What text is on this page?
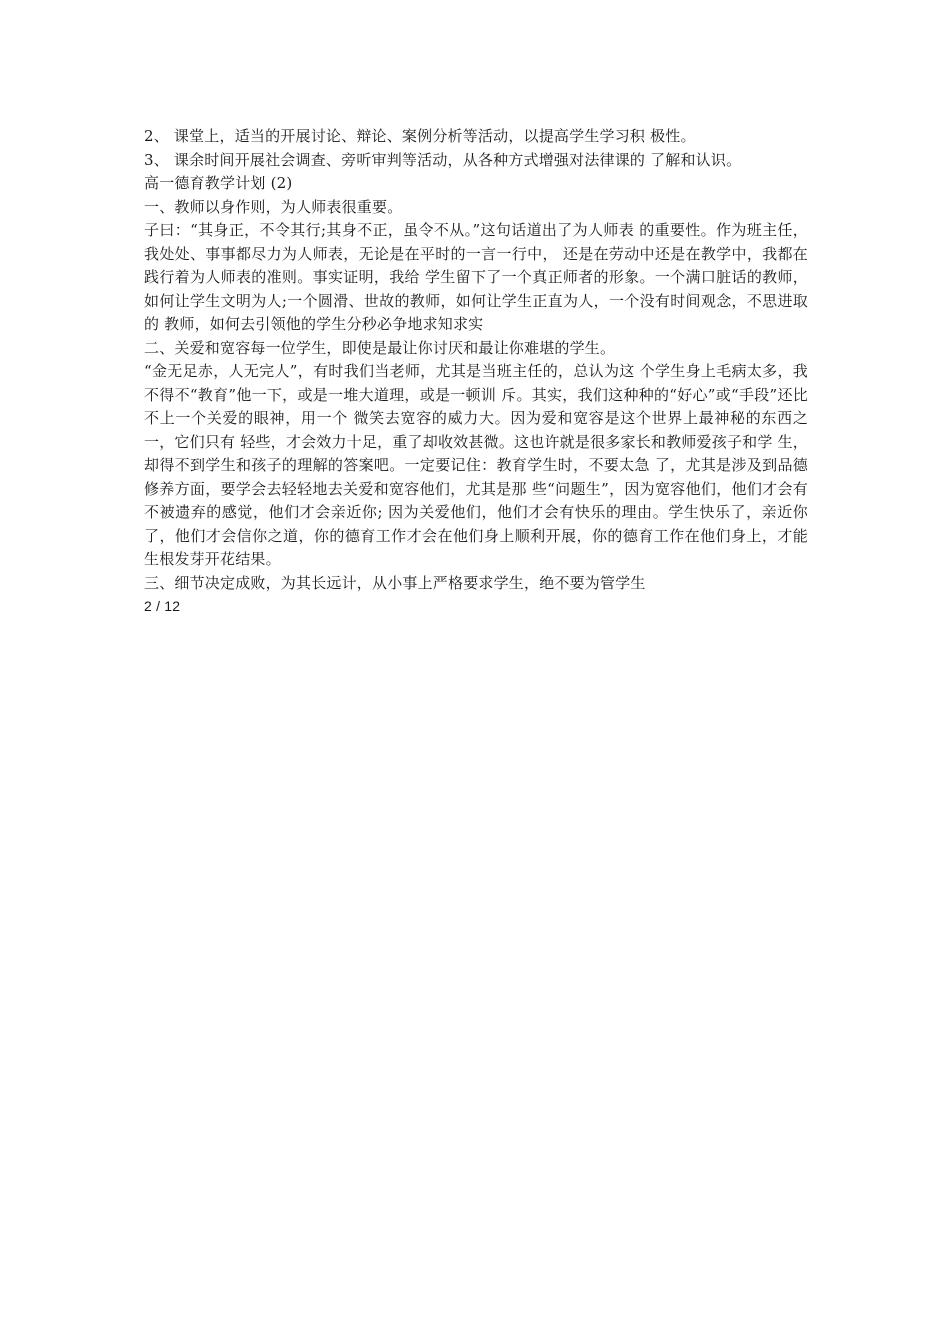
2、 课堂上，适当的开展讨论、辩论、案例分析等活动，以提高学生学习积 极性。

3、 课余时间开展社会调查、旁听审判等活动，从各种方式增强对法律课的 了解和认识。

高一德育教学计划 (2)

一、教师以身作则，为人师表很重要。

子曰：“其身正，不令其行;其身不正，虽令不从。”这句话道出了为人师表 的重要性。作为班主任，我处处、事事都尽力为人师表，无论是在平时的一言一行中， 还是在劳动中还是在教学中，我都在践行着为人师表的准则。事实证明，我给 学生留下了一个真正师者的形象。一个满口脏话的教师，如何让学生文明为人;一个圆滑、世故的教师，如何让学生正直为人，一个没有时间观念，不思进取的 教师，如何去引领他的学生分秒必争地求知求实

二、关爱和宽容每一位学生，即使是最让你讨厌和最让你难堪的学生。

“金无足赤，人无完人”，有时我们当老师，尤其是当班主任的，总认为这 个学生身上毛病太多，我不得不“教育”他一下，或是一堆大道理，或是一顿训 斥。其实，我们这种种的“好心”或“手段”还比不上一个关爱的眼神，用一个 微笑去宽容的威力大。因为爱和宽容是这个世界上最神秘的东西之一，它们只有 轻些，才会效力十足，重了却收效甚微。这也许就是很多家长和教师爱孩子和学 生，却得不到学生和孩子的理解的答案吧。一定要记住：教育学生时，不要太急 了，尤其是涉及到品德修养方面，要学会去轻轻地去关爱和宽容他们，尤其是那 些“问题生”，因为宽容他们，他们才会有不被遗弃的感觉，他们才会亲近你; 因为关爱他们，他们才会有快乐的理由。学生快乐了，亲近你了，他们才会信你之道，你的德育工作才会在他们身上顺利开展，你的德育工作在他们身上，才能 生根发芽开花结果。

三、细节决定成败，为其长远计，从小事上严格要求学生，绝不要为管学生

2 / 12
